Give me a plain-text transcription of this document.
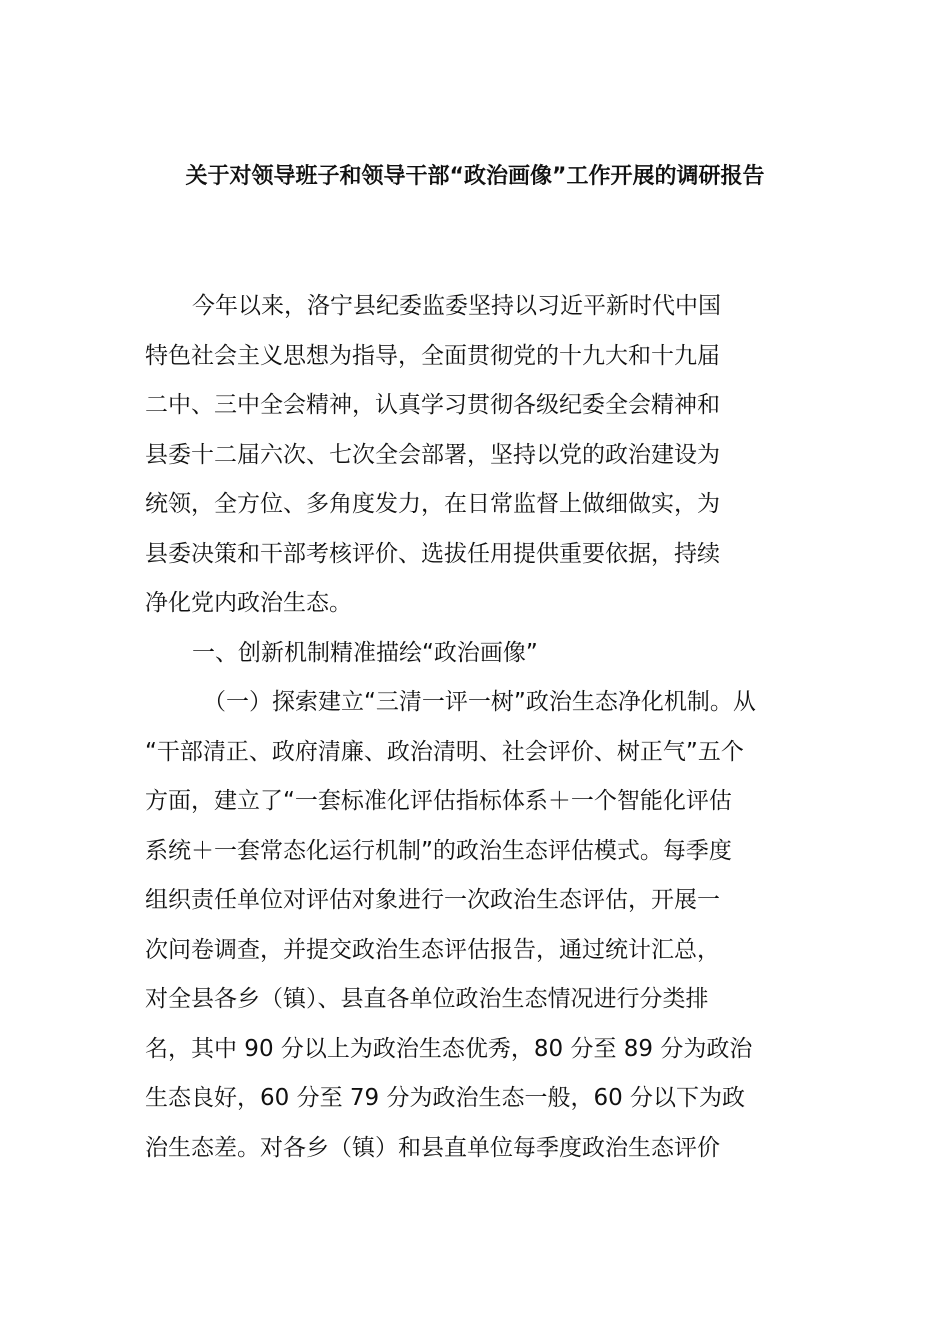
关于对领导班子和领导干部“政治画像”工作开展的调研报告
今年以来，洛宁县纪委监委坚持以习近平新时代中国
特色社会主义思想为指导，全面贯彻党的十九大和十九届
二中、三中全会精神，认真学习贯彻各级纪委全会精神和
县委十二届六次、七次全会部署，坚持以党的政治建设为
统领，全方位、多角度发力，在日常监督上做细做实，为
县委决策和干部考核评价、选拔任用提供重要依据，持续
净化党内政治生态。
一、创新机制精准描绘“政治画像”
（一）探索建立“三清一评一树”政治生态净化机制。从
“干部清正、政府清廉、政治清明、社会评价、树正气”五个
方面，建立了“一套标准化评估指标体系＋一个智能化评估
系统＋一套常态化运行机制”的政治生态评估模式。每季度
组织责任单位对评估对象进行一次政治生态评估，开展一
次问卷调查，并提交政治生态评估报告，通过统计汇总，
对全县各乡（镇）、县直各单位政治生态情况进行分类排
名，其中 90 分以上为政治生态优秀，80 分至 89 分为政治
生态良好，60 分至 79 分为政治生态一般，60 分以下为政
治生态差。对各乡（镇）和县直单位每季度政治生态评价
